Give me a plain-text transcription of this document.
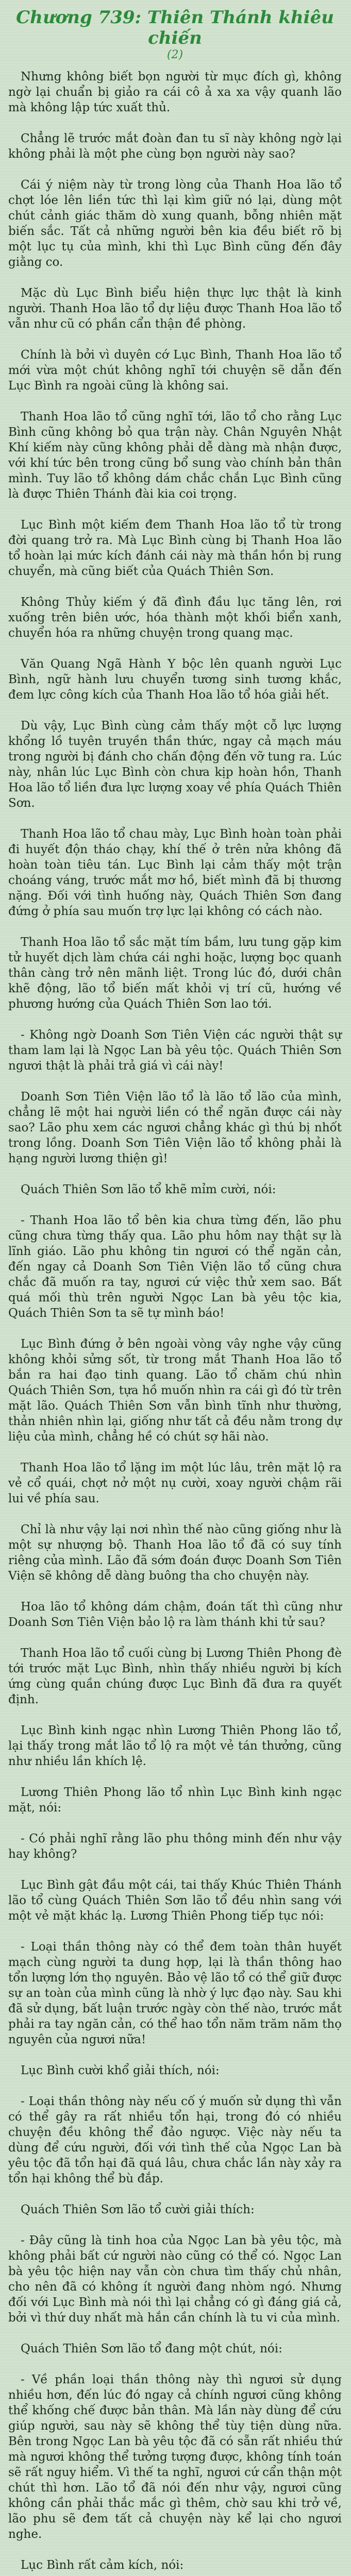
Chương 739: Thiên Thánh khiêu chiến
(2)

Nhưng không biết bọn người từ mục đích gì, không ngờ lại chuẩn bị giảo ra cái cô ả xa xa vậy quanh lão mà không lập tức xuất thủ.

Chẳng lẽ trước mắt đoàn đan tu sĩ này không ngờ lại không phải là một phe cùng bọn người này sao?

Cái ý niệm này từ trong lòng của Thanh Hoa lão tổ chợt lóe lên liền tức thì lại kìm giữ nó lại, dùng một chút cảnh giác thăm dò xung quanh, bỗng nhiên mặt biến sắc. Tất cả những người bên kia đều biết rõ bị một lục tụ của mình, khi thì Lục Bình cũng đến đây giằng co.

Mặc dù Lục Bình biểu hiện thực lực thật là kinh người. Thanh Hoa lão tổ dự liệu được Thanh Hoa lão tổ vẫn như cũ có phần cẩn thận đề phòng.

Chính là bởi vì duyên cớ Lục Bình, Thanh Hoa lão tổ mới vừa một chút không nghĩ tới chuyện sẽ dẫn đến Lục Bình ra ngoài cũng là không sai.

Thanh Hoa lão tổ cũng nghĩ tới, lão tổ cho rằng Lục Bình cũng không bỏ qua trận này. Chân Nguyên Nhật Khí kiếm này cũng không phải dễ dàng mà nhận được, với khí tức bên trong cũng bổ sung vào chính bản thân mình. Tuy lão tổ không dám chắc chắn Lục Bình cũng là được Thiên Thánh đài kia coi trọng.

Lục Bình một kiếm đem Thanh Hoa lão tổ từ trong đời quang trở ra. Mà Lục Bình cùng bị Thanh Hoa lão tổ hoàn lại mức kích đánh cái này mà thần hồn bị rung chuyển, mà cũng biết của Quách Thiên Sơn.

Không Thủy kiếm ý đã đình đầu lục tăng lên, rơi xuống trên biên ước, hóa thành một khối biển xanh, chuyển hóa ra những chuyện trong quang mạc.

Văn Quang Ngã Hành Y bộc lên quanh người Lục Bình, ngữ hành lưu chuyển tương sinh tương khắc, đem lực công kích của Thanh Hoa lão tổ hóa giải hết.

Dù vậy, Lục Bình cùng cảm thấy một cỗ lực lượng khổng lồ tuyên truyền thần thức, ngay cả mạch máu trong người bị đánh cho chấn động đến vỡ tung ra. Lúc này, nhân lúc Lục Bình còn chưa kịp hoàn hồn, Thanh Hoa lão tổ liền đưa lực lượng xoay về phía Quách Thiên Sơn.

Thanh Hoa lão tổ chau mày, Lục Bình hoàn toàn phải đi huyết độn tháo chạy, khí thế ở trên nửa không đã hoàn toàn tiêu tán. Lục Bình lại cảm thấy một trận choáng váng, trước mắt mơ hồ, biết mình đã bị thương nặng. Đối với tình huống này, Quách Thiên Sơn đang đứng ở phía sau muốn trợ lực lại không có cách nào.

Thanh Hoa lão tổ sắc mặt tím bầm, lưu tung gặp kim tử huyết dịch làm chứa cái nghi hoặc, lượng bọc quanh thân càng trở nên mãnh liệt. Trong lúc đó, dưới chân khẽ động, lão tổ biến mất khỏi vị trí cũ, hướng về phương hướng của Quách Thiên Sơn lao tới.

- Không ngờ Doanh Sơn Tiên Viện các người thật sự tham lam lại là Ngọc Lan bà yêu tộc. Quách Thiên Sơn ngươi thật là phải trả giá vì cái này!

Doanh Sơn Tiên Viện lão tổ là lão tổ lão của mình, chẳng lẽ một hai người liền có thể ngăn được cái này sao? Lão phu xem các ngươi chẳng khác gì thú bị nhốt trong lồng. Doanh Sơn Tiên Viện lão tổ không phải là hạng người lương thiện gì!

Quách Thiên Sơn lão tổ khẽ mỉm cười, nói:

- Thanh Hoa lão tổ bên kia chưa từng đến, lão phu cũng chưa từng thấy qua. Lão phu hôm nay thật sự là lĩnh giáo. Lão phu không tin ngươi có thể ngăn cản, đến ngay cả Doanh Sơn Tiên Viện lão tổ cũng chưa chắc đã muốn ra tay, ngươi cứ việc thử xem sao. Bất quá mối thù trên người Ngọc Lan bà yêu tộc kia, Quách Thiên Sơn ta sẽ tự mình báo!

Lục Bình đứng ở bên ngoài vòng vây nghe vậy cũng không khỏi sửng sốt, từ trong mắt Thanh Hoa lão tổ bắn ra hai đạo tinh quang. Lão tổ chăm chú nhìn Quách Thiên Sơn, tựa hồ muốn nhìn ra cái gì đó từ trên mặt lão. Quách Thiên Sơn vẫn bình tĩnh như thường, thản nhiên nhìn lại, giống như tất cả đều nằm trong dự liệu của mình, chẳng hề có chút sợ hãi nào.

Thanh Hoa lão tổ lặng im một lúc lâu, trên mặt lộ ra vẻ cổ quái, chợt nở một nụ cười, xoay người chậm rãi lui về phía sau.

Chỉ là như vậy lại nơi nhìn thế nào cũng giống như là một sự nhượng bộ. Thanh Hoa lão tổ đã có suy tính riêng của mình. Lão đã sớm đoán được Doanh Sơn Tiên Viện sẽ không dễ dàng buông tha cho chuyện này.

Hoa lão tổ không dám chậm, đoán tất thì cũng như Doanh Sơn Tiên Viện bảo lộ ra làm thánh khi tử sau?

Thanh Hoa lão tổ cuối cùng bị Lương Thiên Phong đè tới trước mặt Lục Bình, nhìn thấy nhiều người bị kích ứng cùng quần chúng được Lục Bình đã đưa ra quyết định.

Lục Bình kinh ngạc nhìn Lương Thiên Phong lão tổ, lại thấy trong mắt lão tổ lộ ra một vẻ tán thưởng, cũng như nhiều lần khích lệ.

Lương Thiên Phong lão tổ nhìn Lục Bình kinh ngạc mặt, nói:

- Có phải nghĩ rằng lão phu thông minh đến như vậy hay không?

Lục Bình gật đầu một cái, tai thấy Khúc Thiên Thánh lão tổ cùng Quách Thiên Sơn lão tổ đều nhìn sang với một vẻ mặt khác lạ. Lương Thiên Phong tiếp tục nói:

- Loại thần thông này có thể đem toàn thân huyết mạch cùng người ta dung hợp, lại là thần thông hao tổn lượng lớn thọ nguyên. Bảo vệ lão tổ có thể giữ được sự an toàn của mình cũng là nhờ ý lực đạo này. Sau khi đã sử dụng, bất luận trước ngày còn thế nào, trước mắt phải ra tay ngăn cản, có thể hao tổn năm trăm năm thọ nguyên của ngươi nữa!

Lục Bình cười khổ giải thích, nói:

- Loại thần thông này nếu cố ý muốn sử dụng thì vẫn có thể gây ra rất nhiều tổn hại, trong đó có nhiều chuyện đều không thể đảo ngược. Việc này nếu ta dùng để cứu người, đối với tình thế của Ngọc Lan bà yêu tộc đã tổn hại đã quá lâu, chưa chắc lần này xảy ra tổn hại không thể bù đắp.

Quách Thiên Sơn lão tổ cười giải thích:

- Đây cũng là tinh hoa của Ngọc Lan bà yêu tộc, mà không phải bất cứ người nào cũng có thể có. Ngọc Lan bà yêu tộc hiện nay vẫn còn chưa tìm thấy chủ nhân, cho nên đã có không ít người đang nhòm ngó. Nhưng đối với Lục Bình mà nói thì lại chẳng có gì đáng giá cả, bởi vì thứ duy nhất mà hắn cần chính là tu vi của mình.

Quách Thiên Sơn lão tổ đang một chút, nói:

- Về phần loại thần thông này thì ngươi sử dụng nhiều hơn, đến lúc đó ngay cả chính ngươi cũng không thể khống chế được bản thân. Mà lần này dùng để cứu giúp người, sau này sẽ không thể tùy tiện dùng nữa. Bên trong Ngọc Lan bà yêu tộc đã có sẵn rất nhiều thứ mà ngươi không thể tưởng tượng được, không tính toán sẽ rất nguy hiểm. Vì thế ta nghĩ, ngươi cứ cẩn thận một chút thì hơn. Lão tổ đã nói đến như vậy, ngươi cũng không cần phải thắc mắc gì thêm, chờ sau khi trở về, lão phu sẽ đem tất cả chuyện này kể lại cho ngươi nghe.

Lục Bình rất cảm kích, nói:
